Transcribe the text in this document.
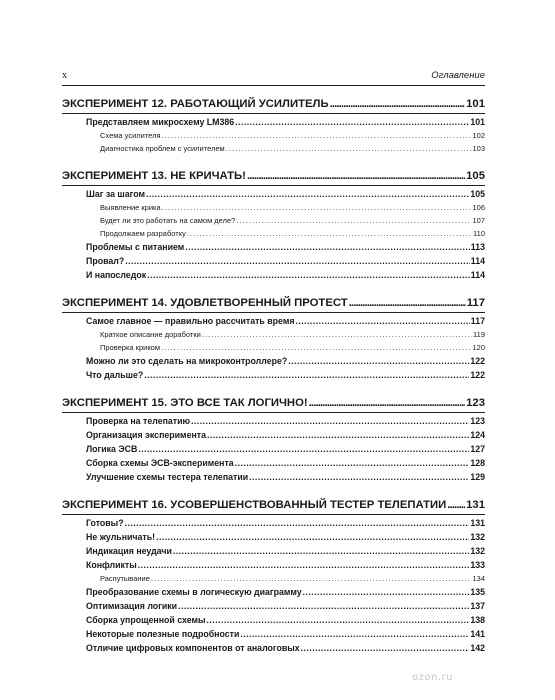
x	Оглавление
ЭКСПЕРИМЕНТ 12. РАБОТАЮЩИЙ УСИЛИТЕЛЬ . . .	101
Представляем микросхему LM386 . . .	101
Схема усилителя . . .	102
Диагностика проблем с усилителем . . .	103
ЭКСПЕРИМЕНТ 13. НЕ КРИЧАТЬ! . . .	105
Шаг за шагом . . .	105
Выявление крика . . .	106
Будет ли это работать на самом деле? . . .	107
Продолжаем разработку . . .	110
Проблемы с питанием . . .	113
Провал? . . .	114
И напоследок . . .	114
ЭКСПЕРИМЕНТ 14. УДОВЛЕТВОРЕННЫЙ ПРОТЕСТ . . .	117
Самое главное — правильно рассчитать время . . .	117
Краткое описание доработки . . .	119
Проверка криком . . .	120
Можно ли это сделать на микроконтроллере? . . .	122
Что дальше? . . .	122
ЭКСПЕРИМЕНТ 15. ЭТО ВСЕ ТАК ЛОГИЧНО! . . .	123
Проверка на телепатию . . .	123
Организация эксперимента . . .	124
Логика ЭСВ . . .	127
Сборка схемы ЭСВ-эксперимента . . .	128
Улучшение схемы тестера телепатии . . .	129
ЭКСПЕРИМЕНТ 16. УСОВЕРШЕНСТВОВАННЫЙ ТЕСТЕР ТЕЛЕПАТИИ . . . 131
Готовы? . . .	131
Не жульничать! . . .	132
Индикация неудачи . . .	132
Конфликты . . .	133
Распутывание . . .	134
Преобразование схемы в логическую диаграмму . . .	135
Оптимизация логики . . .	137
Сборка упрощенной схемы . . .	138
Некоторые полезные подробности . . .	141
Отличие цифровых компонентов от аналоговых . . .	142
ozon.ru
